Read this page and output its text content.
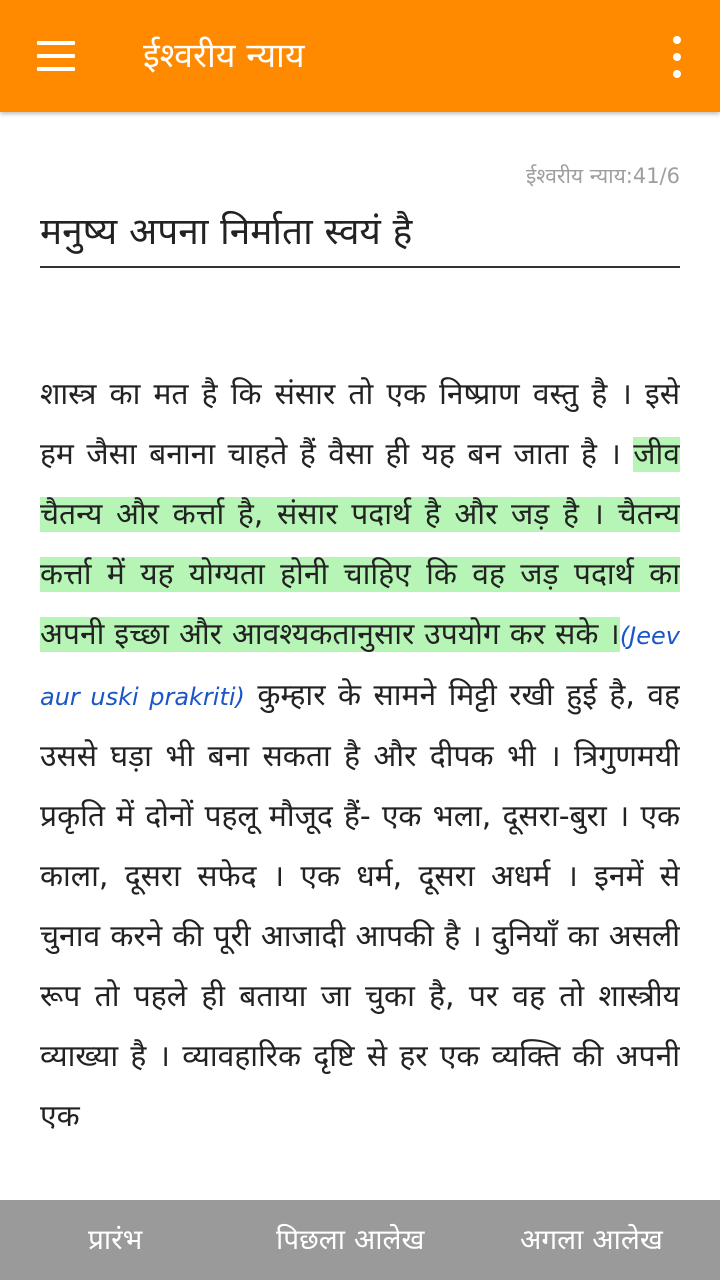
ईश्वरीय न्याय
ईश्वरीय न्याय:41/6
मनुष्य अपना निर्माता स्वयं है

शास्त्र का मत है कि संसार तो एक निष्प्राण वस्तु है । इसे हम जैसा बनाना चाहते हैं वैसा ही यह बन जाता है । जीव चैतन्य और कर्त्ता है, संसार पदार्थ है और जड़ है । चैतन्य कर्त्ता में यह योग्यता होनी चाहिए कि वह जड़ पदार्थ का अपनी इच्छा और आवश्यकतानुसार उपयोग कर सके ।(Jeev aur uski prakriti) कुम्हार के सामने मिट्टी रखी हुई है, वह उससे घड़ा भी बना सकता है और दीपक भी । त्रिगुणमयी प्रकृति में दोनों पहलू मौजूद हैं- एक भला, दूसरा-बुरा । एक काला, दूसरा सफेद । एक धर्म, दूसरा अधर्म । इनमें से चुनाव करने की पूरी आजादी आपकी है । दुनियाँ का असली रूप तो पहले ही बताया जा चुका है, पर वह तो शास्त्रीय व्याख्या है । व्यावहारिक दृष्टि से हर एक व्यक्ति की अपनी एक

प्रारंभ	पिछला आलेख	अगला आलेख
